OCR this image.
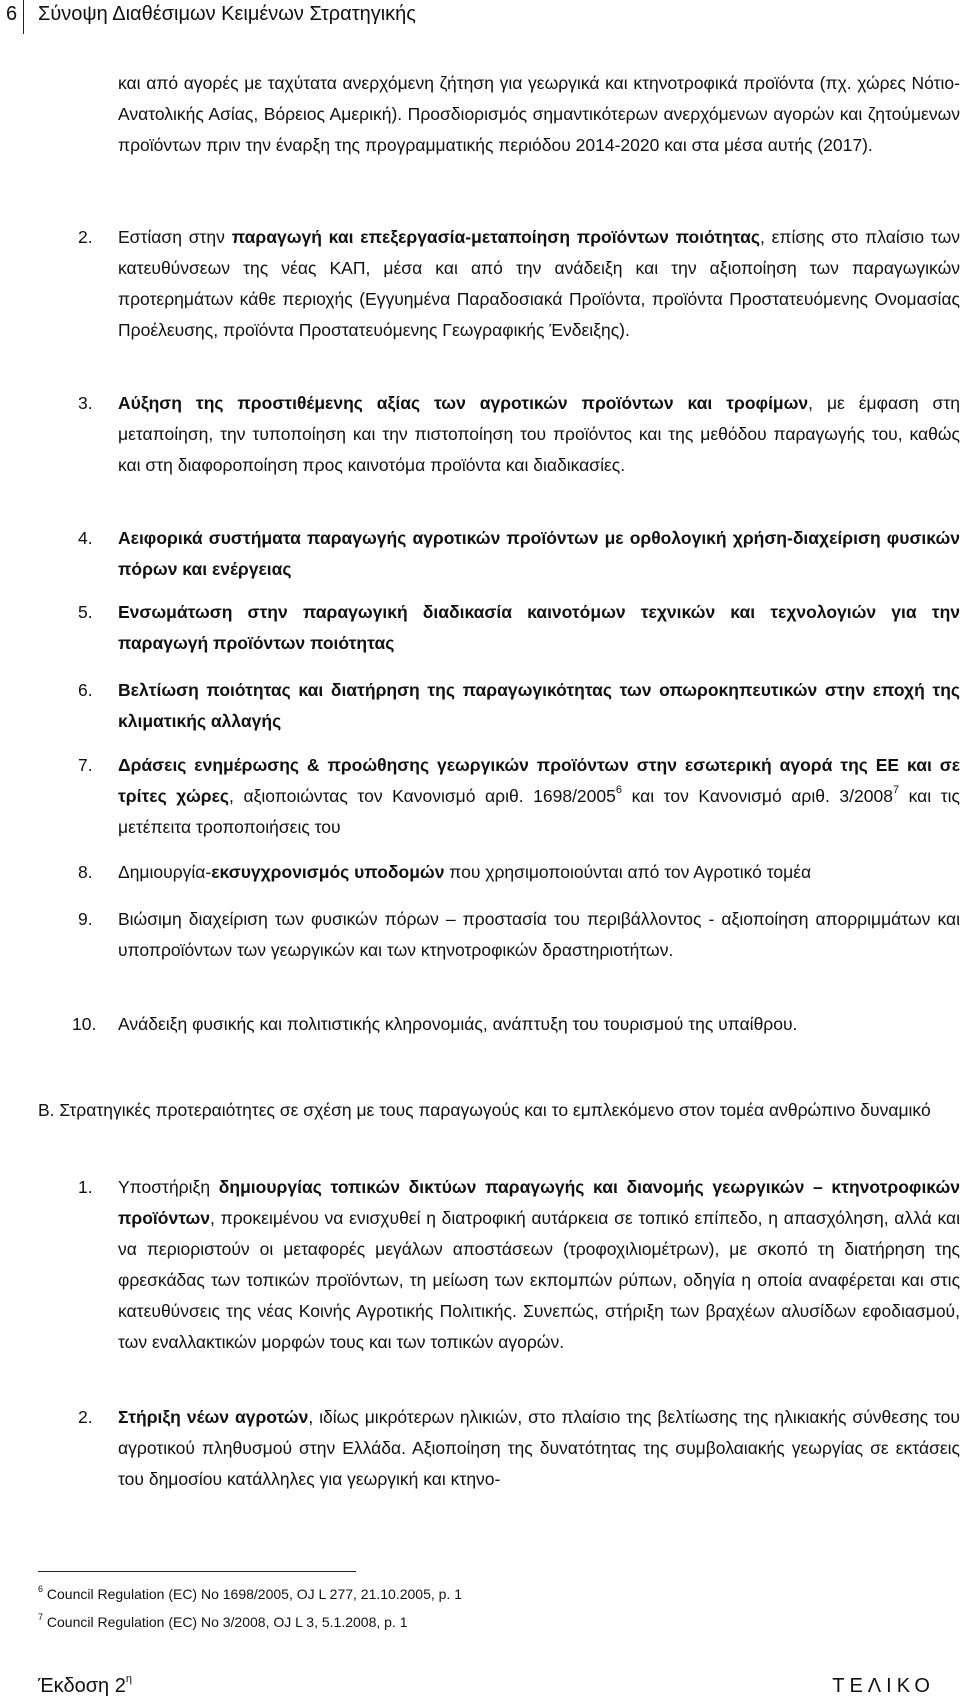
6 Σύνοψη Διαθέσιμων Κειμένων Στρατηγικής
και από αγορές με ταχύτατα ανερχόμενη ζήτηση για γεωργικά και κτηνοτροφικά προϊόντα (πχ. χώρες Νότιο-Ανατολικής Ασίας, Βόρειος Αμερική). Προσδιορισμός σημαντικότερων ανερχόμενων αγορών και ζητούμενων προϊόντων πριν την έναρξη της προγραμματικής περιόδου 2014-2020 και στα μέσα αυτής (2017).
2. Εστίαση στην παραγωγή και επεξεργασία-μεταποίηση προϊόντων ποιότητας, επίσης στο πλαίσιο των κατευθύνσεων της νέας ΚΑΠ, μέσα και από την ανάδειξη και την αξιοποίηση των παραγωγικών προτερημάτων κάθε περιοχής (Εγγυημένα Παραδοσιακά Προϊόντα, προϊόντα Προστατευόμενης Ονομασίας Προέλευσης, προϊόντα Προστατευόμενης Γεωγραφικής Ένδειξης).
3. Αύξηση της προστιθέμενης αξίας των αγροτικών προϊόντων και τροφίμων, με έμφαση στη μεταποίηση, την τυποποίηση και την πιστοποίηση του προϊόντος και της μεθόδου παραγωγής του, καθώς και στη διαφοροποίηση προς καινοτόμα προϊόντα και διαδικασίες.
4. Αειφορικά συστήματα παραγωγής αγροτικών προϊόντων με ορθολογική χρήση-διαχείριση φυσικών πόρων και ενέργειας
5. Ενσωμάτωση στην παραγωγική διαδικασία καινοτόμων τεχνικών και τεχνολογιών για την παραγωγή προϊόντων ποιότητας
6. Βελτίωση ποιότητας και διατήρηση της παραγωγικότητας των οπωροκηπευτικών στην εποχή της κλιματικής αλλαγής
7. Δράσεις ενημέρωσης & προώθησης γεωργικών προϊόντων στην εσωτερική αγορά της ΕΕ και σε τρίτες χώρες, αξιοποιώντας τον Κανονισμό αριθ. 1698/2005$^6$ και τον Κανονισμό αριθ. 3/2008$^7$ και τις μετέπειτα τροποποιήσεις του
8. Δημιουργία-εκσυγχρονισμός υποδομών που χρησιμοποιούνται από τον Αγροτικό τομέα
9. Βιώσιμη διαχείριση των φυσικών πόρων – προστασία του περιβάλλοντος - αξιοποίηση απορριμμάτων και υποπροϊόντων των γεωργικών και των κτηνοτροφικών δραστηριοτήτων.
10. Ανάδειξη φυσικής και πολιτιστικής κληρονομιάς, ανάπτυξη του τουρισμού της υπαίθρου.
Β. Στρατηγικές προτεραιότητες σε σχέση με τους παραγωγούς και το εμπλεκόμενο στον τομέα ανθρώπινο δυναμικό
1. Υποστήριξη δημιουργίας τοπικών δικτύων παραγωγής και διανομής γεωργικών – κτηνοτροφικών προϊόντων, προκειμένου να ενισχυθεί η διατροφική αυτάρκεια σε τοπικό επίπεδο, η απασχόληση, αλλά και να περιοριστούν οι μεταφορές μεγάλων αποστάσεων (τροφοχιλιομέτρων), με σκοπό τη διατήρηση της φρεσκάδας των τοπικών προϊόντων, τη μείωση των εκπομπών ρύπων, οδηγία η οποία αναφέρεται και στις κατευθύνσεις της νέας Κοινής Αγροτικής Πολιτικής. Συνεπώς, στήριξη των βραχέων αλυσίδων εφοδιασμού, των εναλλακτικών μορφών τους και των τοπικών αγορών.
2. Στήριξη νέων αγροτών, ιδίως μικρότερων ηλικιών, στο πλαίσιο της βελτίωσης της ηλικιακής σύνθεσης του αγροτικού πληθυσμού στην Ελλάδα. Αξιοποίηση της δυνατότητας της συμβολαιακής γεωργίας σε εκτάσεις του δημοσίου κατάλληλες για γεωργική και κτηνο-
$^6$ Council Regulation (EC) No 1698/2005, OJ L 277, 21.10.2005, p. 1
$^7$ Council Regulation (EC) No 3/2008, OJ L 3, 5.1.2008, p. 1
Έκδοση $2^\eta$	ΤΕΛΙΚΟ
